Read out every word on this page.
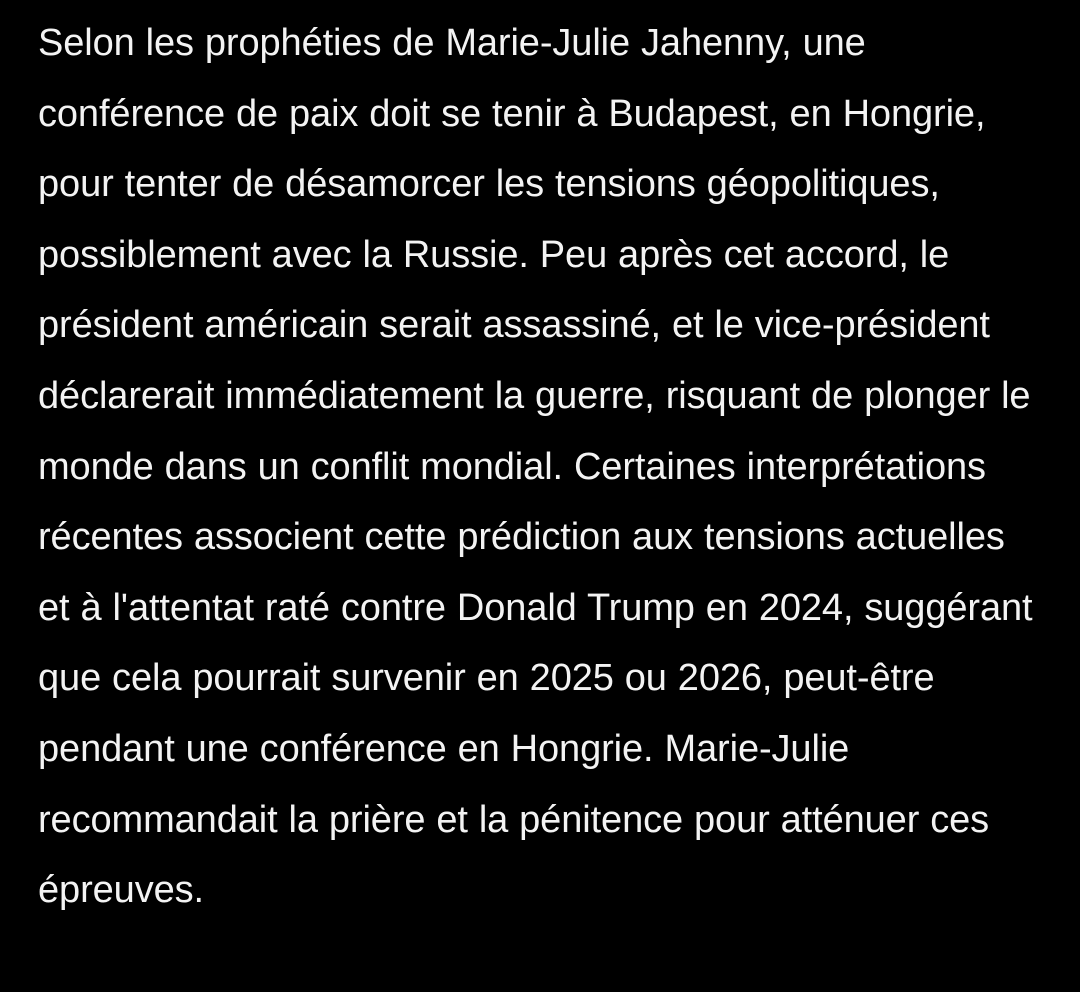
Selon les prophéties de Marie-Julie Jahenny, une conférence de paix doit se tenir à Budapest, en Hongrie, pour tenter de désamorcer les tensions géopolitiques, possiblement avec la Russie. Peu après cet accord, le président américain serait assassiné, et le vice-président déclarerait immédiatement la guerre, risquant de plonger le monde dans un conflit mondial. Certaines interprétations récentes associent cette prédiction aux tensions actuelles et à l'attentat raté contre Donald Trump en 2024, suggérant que cela pourrait survenir en 2025 ou 2026, peut-être pendant une conférence en Hongrie. Marie-Julie recommandait la prière et la pénitence pour atténuer ces épreuves.
